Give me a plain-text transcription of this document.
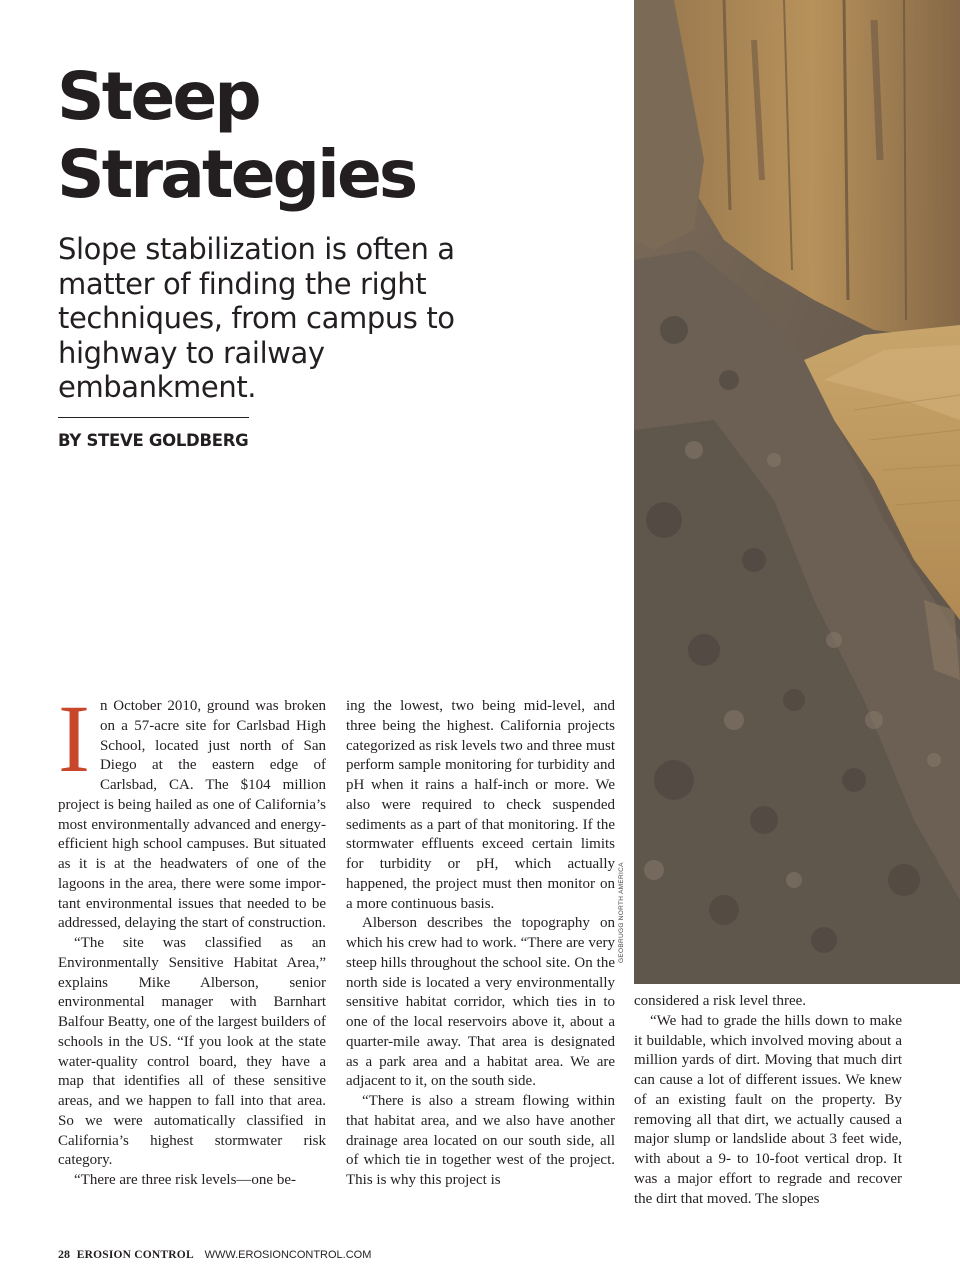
GEOBRUGG NORTH AMERICA
Steep
Strategies

Slope stabilization is often a matter of finding the right techniques, from campus to highway to railway embankment.

BY STEVE GOLDBERG

In October 2010, ground was broken on a 57-acre site for Carlsbad High School, located just north of San Diego at the eastern edge of Carlsbad, CA. The $104 million project is being hailed as one of California’s most environmentally advanced and energy-efficient high school campuses. But situated as it is at the headwaters of one of the lagoons in the area, there were some important environmental issues that needed to be addressed, delaying the start of construction.

“The site was classified as an Environmentally Sensitive Habitat Area,” explains Mike Alberson, senior environmental manager with Barnhart Balfour Beatty, one of the largest builders of schools in the US. “If you look at the state water-quality control board, they have a map that identifies all of these sensitive areas, and we happen to fall into that area. So we were automatically classified in California’s highest stormwater risk category.

“There are three risk levels—one be-

ing the lowest, two being mid-level, and three being the highest. California projects categorized as risk levels two and three must perform sample monitoring for turbidity and pH when it rains a half-inch or more. We also were required to check suspended sediments as a part of that monitoring. If the stormwater effluents exceed certain limits for turbidity or pH, which actually happened, the project must then monitor on a more continuous basis.

Alberson describes the topography on which his crew had to work. “There are very steep hills throughout the school site. On the north side is located a very environmentally sensitive habitat corridor, which ties in to one of the local reservoirs above it, about a quarter-mile away. That area is designated as a park area and a habitat area. We are adjacent to it, on the south side.

“There is also a stream flowing within that habitat area, and we also have another drainage area located on our south side, all of which tie in together west of the project. This is why this project is

considered a risk level three.

“We had to grade the hills down to make it buildable, which involved moving about a million yards of dirt. Moving that much dirt can cause a lot of different issues. We knew of an existing fault on the property. By removing all that dirt, we actually caused a major slump or landslide about 3 feet wide, with about a 9- to 10-foot vertical drop. It was a major effort to regrade and recover the dirt that moved. The slopes

28 EROSION CONTROL WWW.EROSIONCONTROL.COM
